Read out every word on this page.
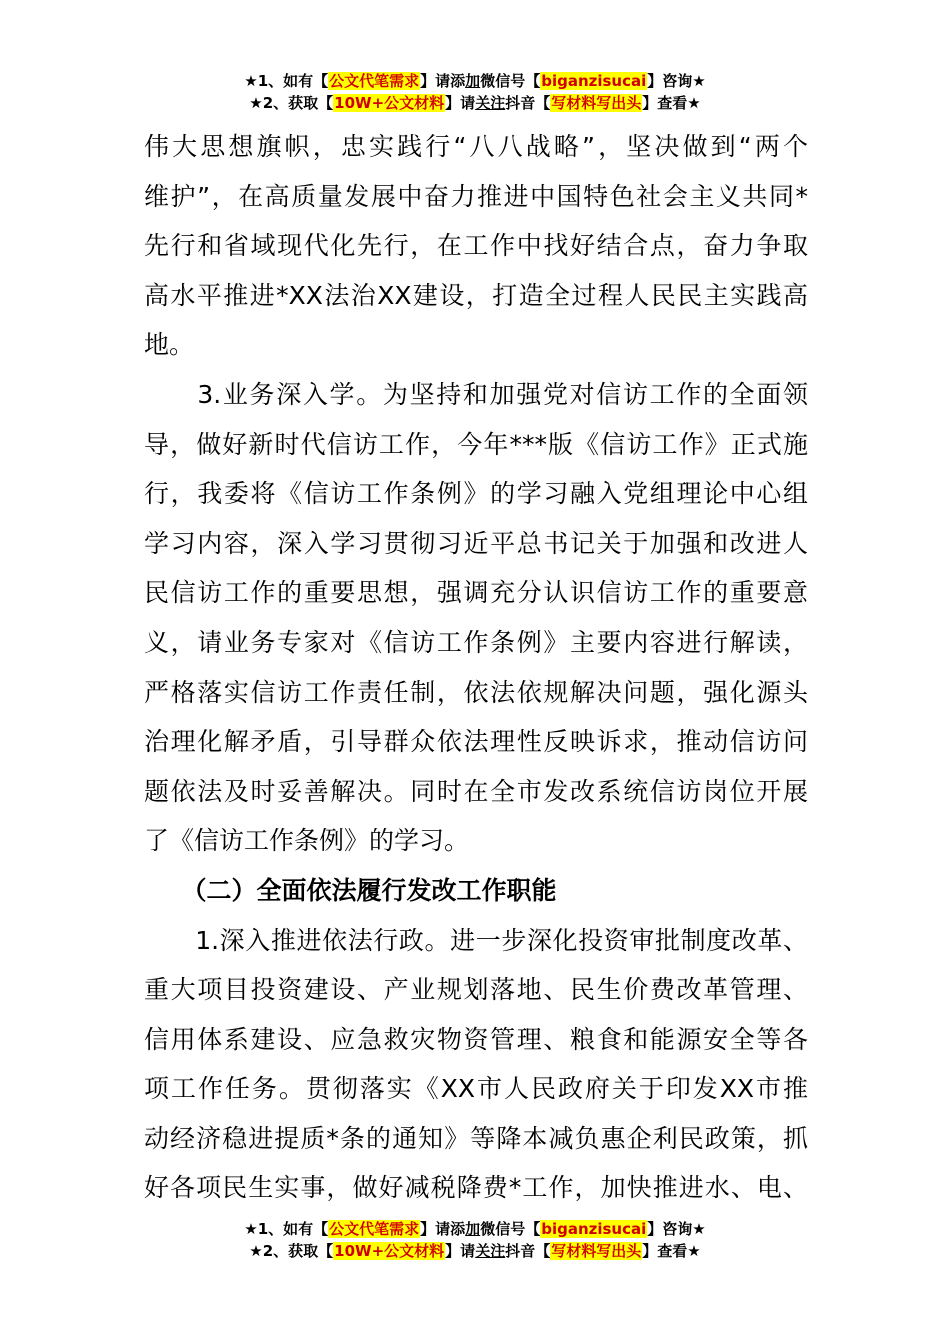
★1、如有【公文代笔需求】请添加微信号【biganzisucai】咨询★
★2、获取【10W+公文材料】请关注抖音【写材料写出头】查看★
伟大思想旗帜，忠实践行“八八战略”，坚决做到“两个
维护”，在高质量发展中奋力推进中国特色社会主义共同*
先行和省域现代化先行，在工作中找好结合点，奋力争取
高水平推进*XX法治XX建设，打造全过程人民民主实践高
地。
　　3.业务深入学。为坚持和加强党对信访工作的全面领
导，做好新时代信访工作，今年***版《信访工作》正式施
行，我委将《信访工作条例》的学习融入党组理论中心组
学习内容，深入学习贯彻习近平总书记关于加强和改进人
民信访工作的重要思想，强调充分认识信访工作的重要意
义，请业务专家对《信访工作条例》主要内容进行解读，
严格落实信访工作责任制，依法依规解决问题，强化源头
治理化解矛盾，引导群众依法理性反映诉求，推动信访问
题依法及时妥善解决。同时在全市发改系统信访岗位开展
了《信访工作条例》的学习。
　　（二）全面依法履行发改工作职能
　　1.深入推进依法行政。进一步深化投资审批制度改革、
重大项目投资建设、产业规划落地、民生价费改革管理、
信用体系建设、应急救灾物资管理、粮食和能源安全等各
项工作任务。贯彻落实《XX市人民政府关于印发XX市推
动经济稳进提质*条的通知》等降本减负惠企利民政策，抓
好各项民生实事，做好减税降费*工作，加快推进水、电、
★1、如有【公文代笔需求】请添加微信号【biganzisucai】咨询★
★2、获取【10W+公文材料】请关注抖音【写材料写出头】查看★
